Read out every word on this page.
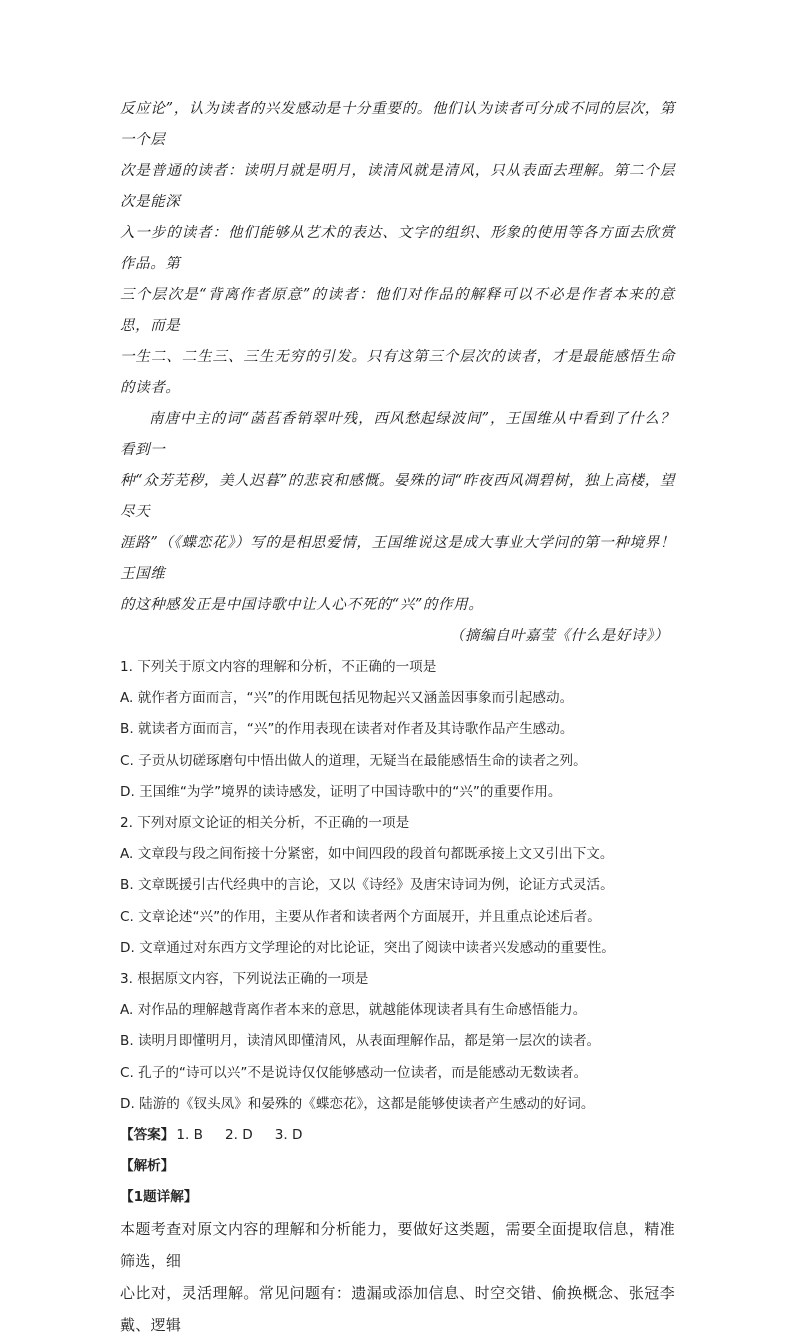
反应论”，认为读者的兴发感动是十分重要的。他们认为读者可分成不同的层次，第一个层

次是普通的读者：读明月就是明月，读清风就是清风，只从表面去理解。第二个层次是能深

入一步的读者：他们能够从艺术的表达、文字的组织、形象的使用等各方面去欣赏作品。第

三个层次是“背离作者原意”的读者：他们对作品的解释可以不必是作者本来的意思，而是

一生二、二生三、三生无穷的引发。只有这第三个层次的读者，才是最能感悟生命的读者。

南唐中主的词“菡萏香销翠叶残，西风愁起绿波间”，王国维从中看到了什么？看到一

种“众芳芜秽，美人迟暮”的悲哀和感慨。晏殊的词“昨夜西风凋碧树，独上高楼，望尽天

涯路”（《蝶恋花》）写的是相思爱情，王国维说这是成大事业大学问的第一种境界！王国维

的这种感发正是中国诗歌中让人心不死的“兴”的作用。

（摘编自叶嘉莹《什么是好诗》）

1. 下列关于原文内容的理解和分析，不正确的一项是

A. 就作者方面而言，“兴”的作用既包括见物起兴又涵盖因事象而引起感动。

B. 就读者方面而言，“兴”的作用表现在读者对作者及其诗歌作品产生感动。

C. 子贡从切磋琢磨句中悟出做人的道理，无疑当在最能感悟生命的读者之列。

D. 王国维“为学”境界的读诗感发，证明了中国诗歌中的“兴”的重要作用。

2. 下列对原文论证的相关分析，不正确的一项是

A. 文章段与段之间衔接十分紧密，如中间四段的段首句都既承接上文又引出下文。

B. 文章既援引古代经典中的言论，又以《诗经》及唐宋诗词为例，论证方式灵活。

C. 文章论述“兴”的作用，主要从作者和读者两个方面展开，并且重点论述后者。

D. 文章通过对东西方文学理论的对比论证，突出了阅读中读者兴发感动的重要性。

3. 根据原文内容，下列说法正确的一项是

A. 对作品的理解越背离作者本来的意思，就越能体现读者具有生命感悟能力。

B. 读明月即懂明月，读清风即懂清风，从表面理解作品，都是第一层次的读者。

C. 孔子的“诗可以兴”不是说诗仅仅能够感动一位读者，而是能感动无数读者。

D. 陆游的《钗头凤》和晏殊的《蝶恋花》，这都是能够使读者产生感动的好词。

【答案】 1. B 2. D 3. D
【解析】
【1题详解】

本题考查对原文内容的理解和分析能力，要做好这类题，需要全面提取信息，精准筛选，细

心比对，灵活理解。常见问题有：遗漏或添加信息、时空交错、偷换概念、张冠李戴、逻辑
